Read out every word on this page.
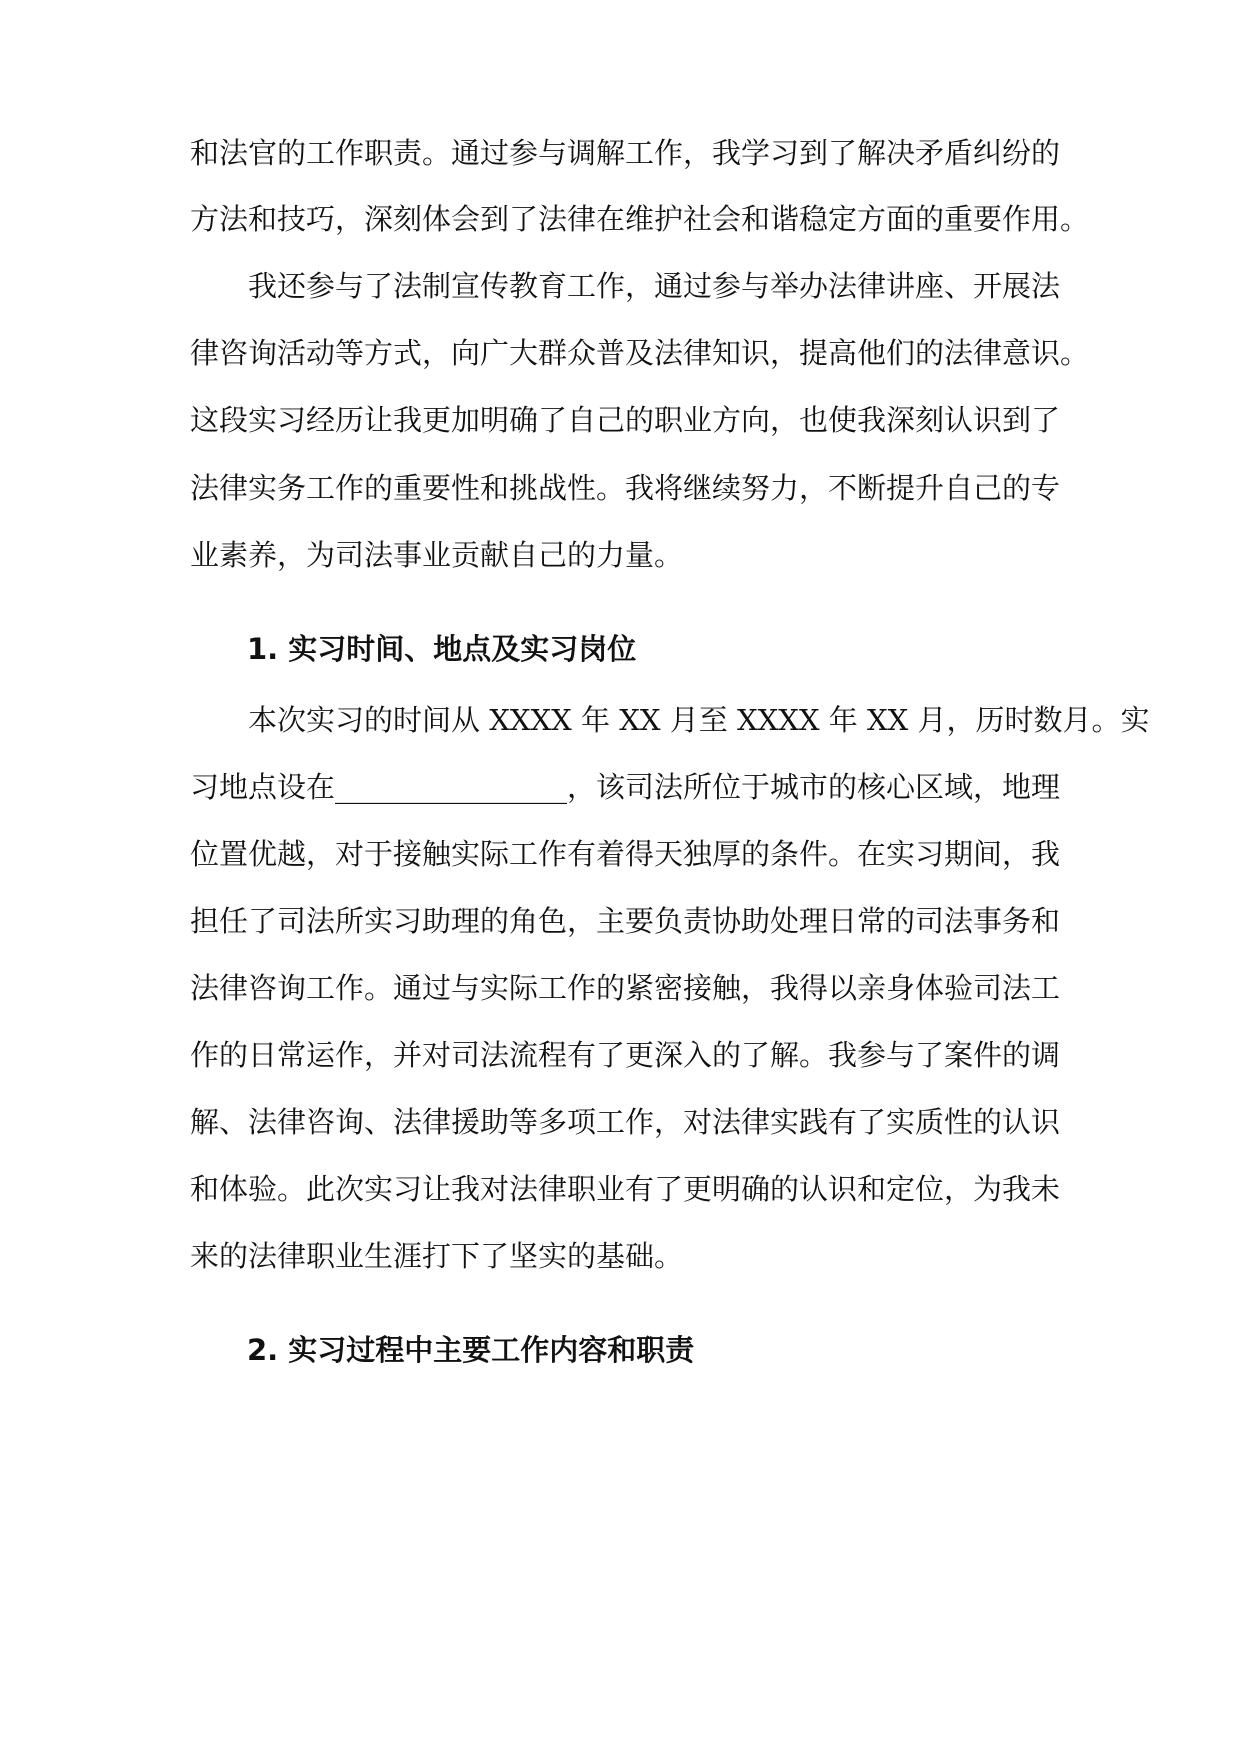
和法官的工作职责。通过参与调解工作，我学习到了解决矛盾纠纷的
方法和技巧，深刻体会到了法律在维护社会和谐稳定方面的重要作用。
我还参与了法制宣传教育工作，通过参与举办法律讲座、开展法
律咨询活动等方式，向广大群众普及法律知识，提高他们的法律意识。
这段实习经历让我更加明确了自己的职业方向，也使我深刻认识到了
法律实务工作的重要性和挑战性。我将继续努力，不断提升自己的专
业素养，为司法事业贡献自己的力量。
1. 实习时间、地点及实习岗位
本次实习的时间从 XXXX 年 XX 月至 XXXX 年 XX 月，历时数月。实
习地点设在________________，该司法所位于城市的核心区域，地理
位置优越，对于接触实际工作有着得天独厚的条件。在实习期间，我
担任了司法所实习助理的角色，主要负责协助处理日常的司法事务和
法律咨询工作。通过与实际工作的紧密接触，我得以亲身体验司法工
作的日常运作，并对司法流程有了更深入的了解。我参与了案件的调
解、法律咨询、法律援助等多项工作，对法律实践有了实质性的认识
和体验。此次实习让我对法律职业有了更明确的认识和定位，为我未
来的法律职业生涯打下了坚实的基础。
2. 实习过程中主要工作内容和职责
